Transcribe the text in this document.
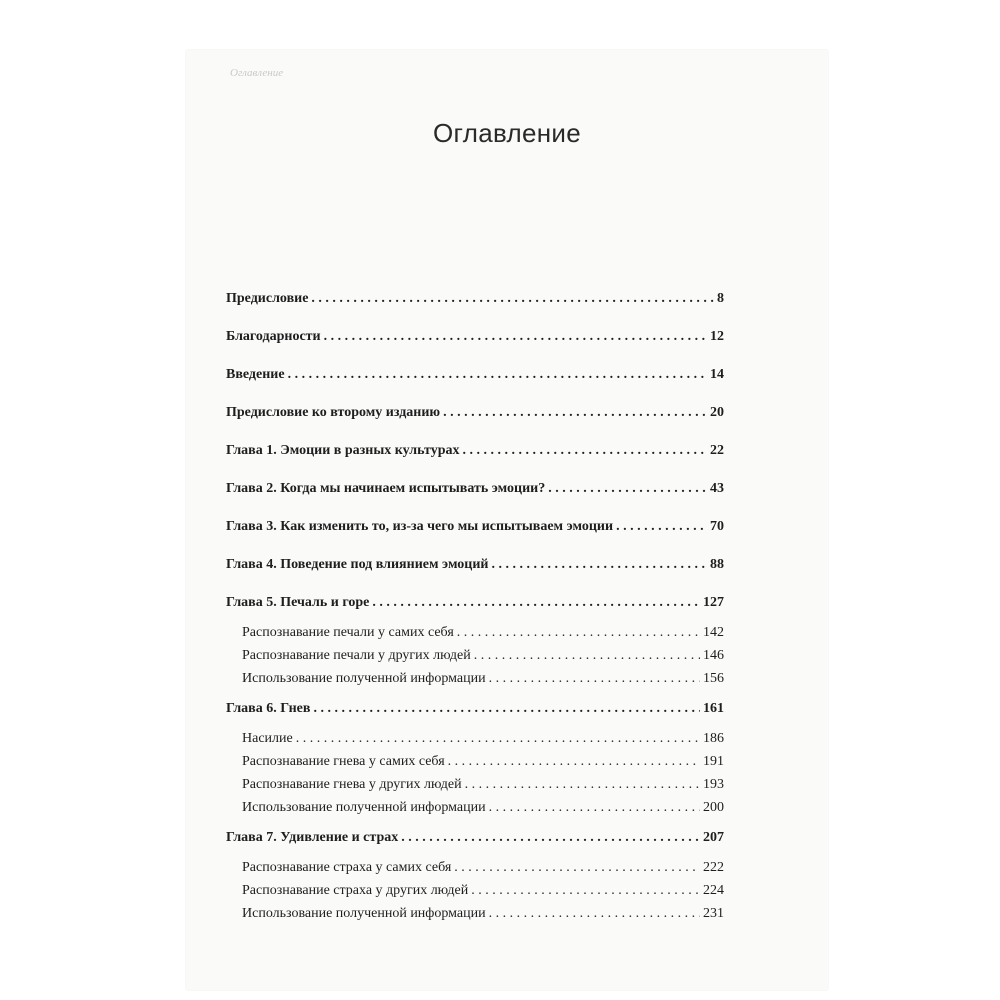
Оглавление
Оглавление
Предисловие . . .	8
Благодарности . . .	12
Введение . . .	14
Предисловие ко второму изданию . . .	20
Глава 1. Эмоции в разных культурах . . .	22
Глава 2. Когда мы начинаем испытывать эмоции? . . .	43
Глава 3. Как изменить то, из-за чего мы испытываем эмоции . . .	70
Глава 4. Поведение под влиянием эмоций . . .	88
Глава 5. Печаль и горе . . .	127
Распознавание печали у самих себя . . .	142
Распознавание печали у других людей . . .	146
Использование полученной информации . . .	156
Глава 6. Гнев . . .	161
Насилие . . .	186
Распознавание гнева у самих себя . . .	191
Распознавание гнева у других людей . . .	193
Использование полученной информации . . .	200
Глава 7. Удивление и страх . . .	207
Распознавание страха у самих себя . . .	222
Распознавание страха у других людей . . .	224
Использование полученной информации . . .	231
